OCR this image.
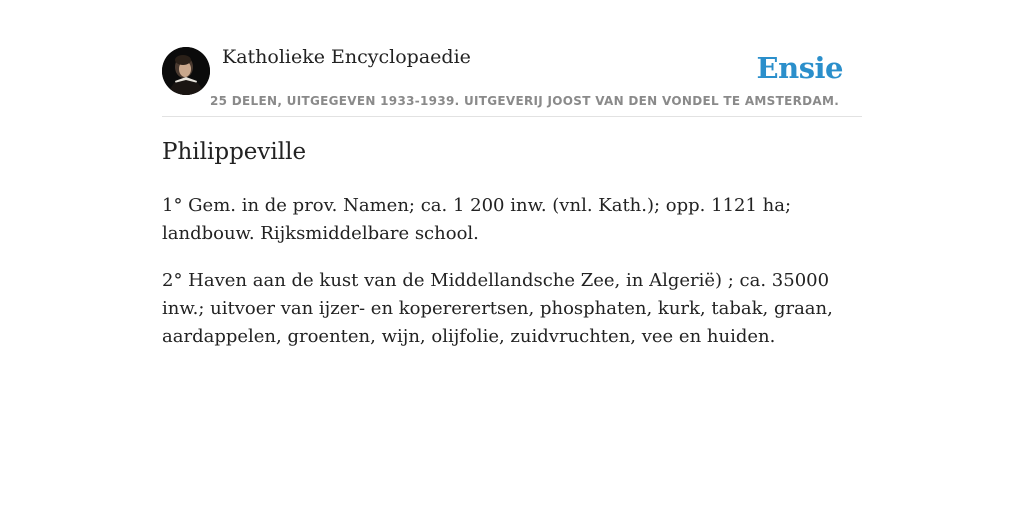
Katholieke Encyclopaedie	Ensie
25 DELEN, UITGEGEVEN 1933-1939. UITGEVERIJ JOOST VAN DEN VONDEL TE AMSTERDAM.
Philippeville

1° Gem. in de prov. Namen; ca. 1 200 inw. (vnl. Kath.); opp. 1121 ha; landbouw. Rijksmiddelbare school.

2° Haven aan de kust van de Middellandsche Zee, in Algerië) ; ca. 35000 inw.; uitvoer van ijzer- en kopererertsen, phosphaten, kurk, tabak, graan, aardappelen, groenten, wijn, olijfolie, zuidvruchten, vee en huiden.
